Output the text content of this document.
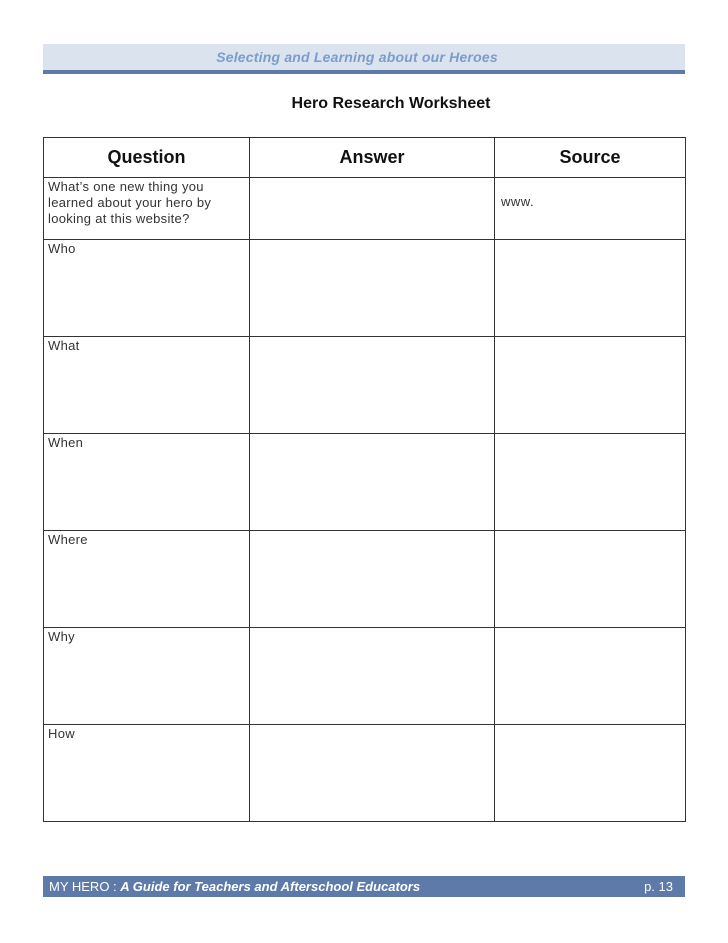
Selecting and Learning about our Heroes
Hero Research Worksheet
Question	Answer	Source

What’s one new thing you learned about your hero by looking at this website?		www.

Who		

What		

When		

Where		

Why		

How		

MY HERO : A Guide for Teachers and Afterschool Educators	p. 13
